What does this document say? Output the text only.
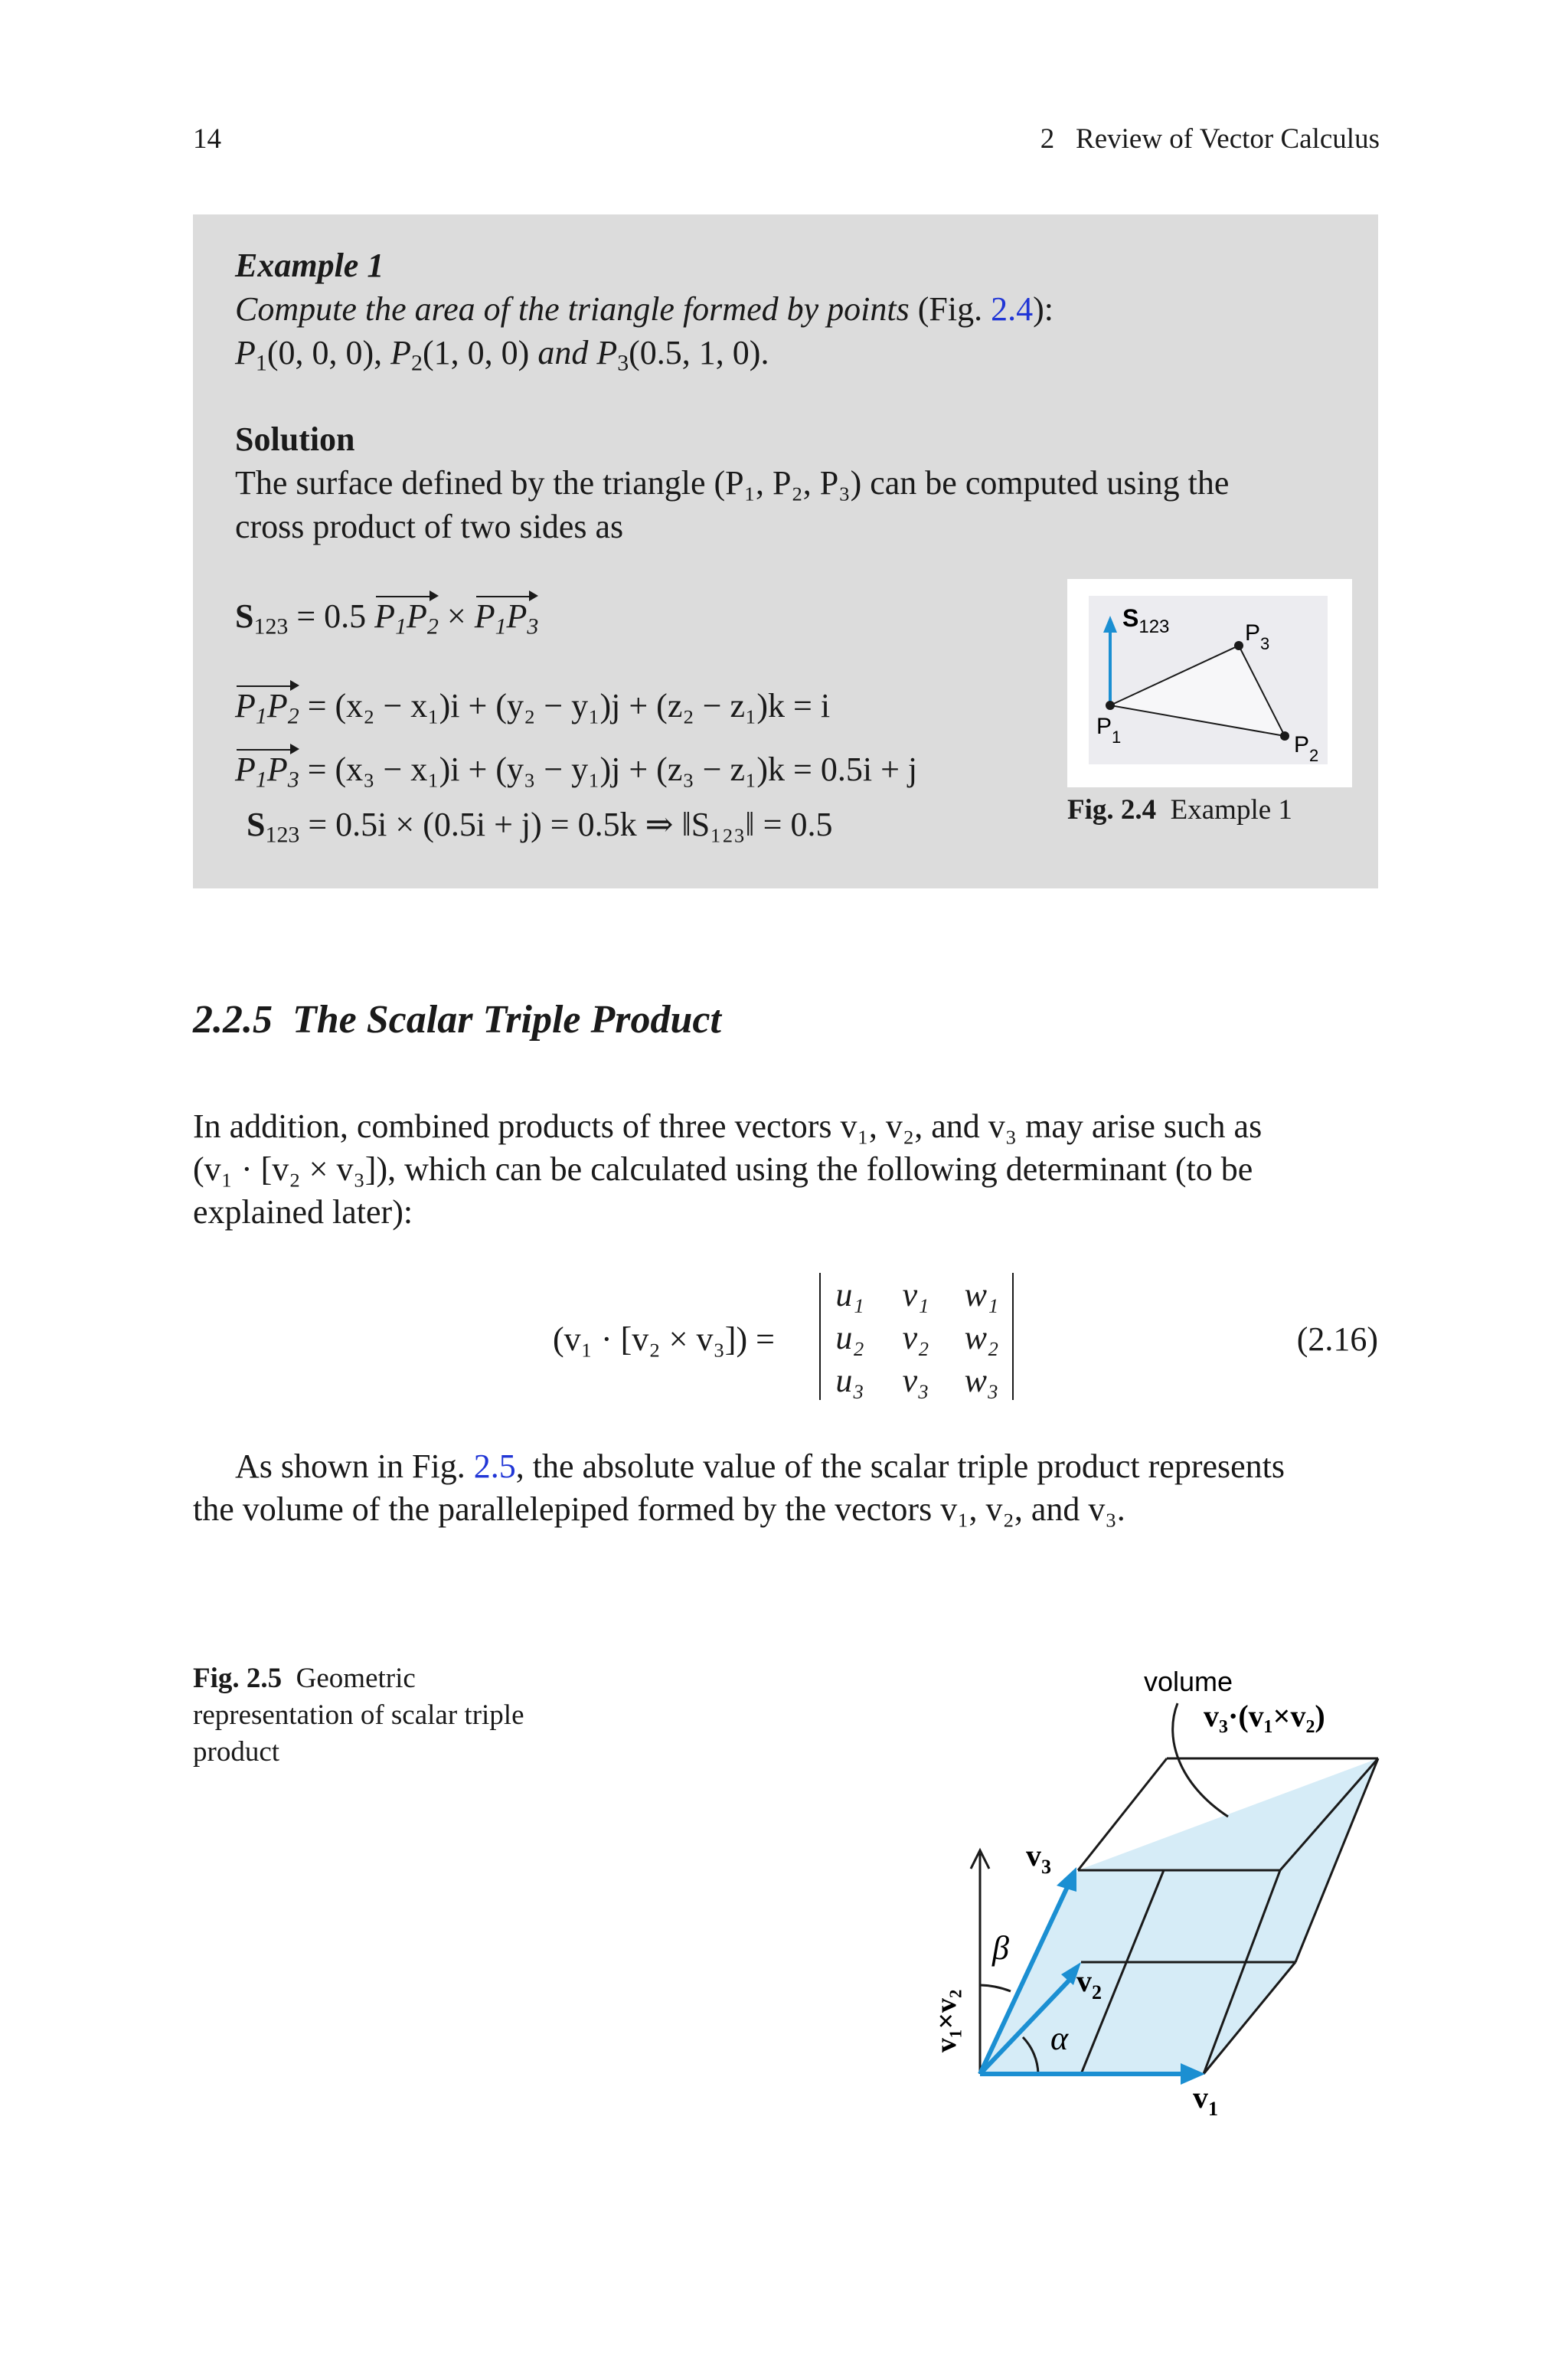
14	2   Review of Vector Calculus
Example 1
Compute the area of the triangle formed by points (Fig. 2.4):
$P_1(0$, 0, 0), $P_2(1$, 0, 0) and $P_3(0.5$, 1, 0).
Solution
The surface defined by the triangle (P₁, P₂, P₃) can be computed using the
cross product of two sides as
$S_{123} = 0.5$ $P_1P_2 \times P_1P_3$
$P_1P_2 = (x_2 - x_1)i + (y_2 - y_1)j + (z_2 - z_1)k = i$
$P_1P_3 = (x_3 - x_1)i + (y_3 - y_1)j + (z_3 - z_1)k = 0.5i + j$
$S_{123} = 0.5i \times (0.5i + j) = 0.5k$ ⇒ ‖S₁₂₃‖ = 0.5
$S_{123}$	$P_3$
$P_1$	$P_2$
Fig. 2.4 Example 1
2.2.5  The Scalar Triple Product
In addition, combined products of three vectors v₁, v₂, and v₃ may arise such as
(v₁ · [v₂ × v₃]), which can be calculated using the following determinant (to be
explained later):
(v₁ · [v₂ × v₃]) =
u₁ v₁ w₁
u₂ v₂ w₂
u₃ v₃ w₃
(2.16)
As shown in Fig. 2.5, the absolute value of the scalar triple product represents
the volume of the parallelepiped formed by the vectors v₁, v₂, and v₃.
Fig. 2.5 Geometric
representation of scalar triple
product
volume
v₃·(v₁×v₂)
$v_3$
$v_2$
$v_1$
β
α
v₁×v₂
